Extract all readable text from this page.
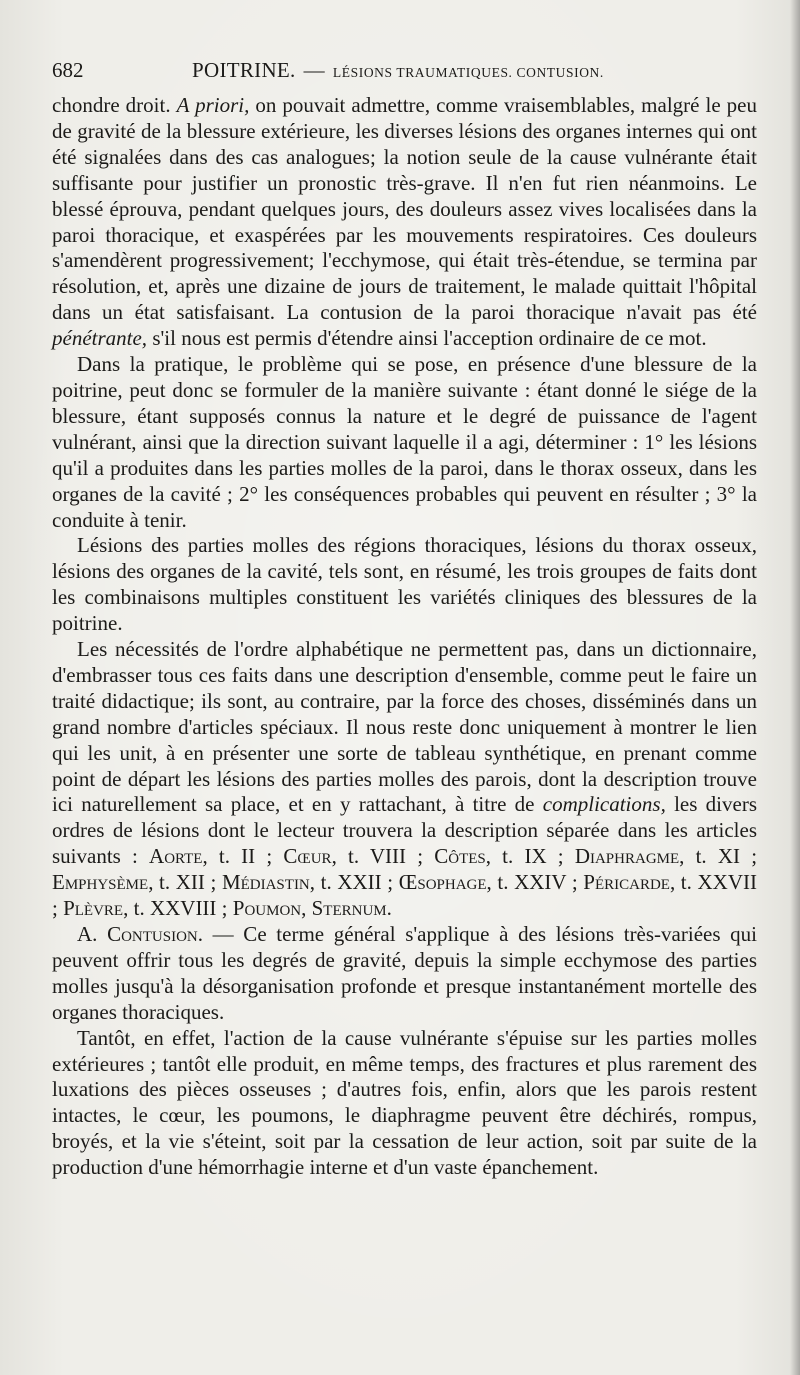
682	POITRINE. — LÉSIONS TRAUMATIQUES. CONTUSION.

chondre droit. A priori, on pouvait admettre, comme vraisemblables, malgré le peu de gravité de la blessure extérieure, les diverses lésions des organes internes qui ont été signalées dans des cas analogues; la notion seule de la cause vulnérante était suffisante pour justifier un pronostic très-grave. Il n'en fut rien néanmoins. Le blessé éprouva, pendant quelques jours, des douleurs assez vives localisées dans la paroi thoracique, et exaspérées par les mouvements respiratoires. Ces douleurs s'amendèrent progressivement; l'ecchymose, qui était très-étendue, se termina par résolution, et, après une dizaine de jours de traitement, le malade quittait l'hôpital dans un état satisfaisant. La contusion de la paroi thoracique n'avait pas été pénétrante, s'il nous est permis d'étendre ainsi l'acception ordinaire de ce mot.

Dans la pratique, le problème qui se pose, en présence d'une blessure de la poitrine, peut donc se formuler de la manière suivante : étant donné le siége de la blessure, étant supposés connus la nature et le degré de puissance de l'agent vulnérant, ainsi que la direction suivant laquelle il a agi, déterminer : 1° les lésions qu'il a produites dans les parties molles de la paroi, dans le thorax osseux, dans les organes de la cavité ; 2° les conséquences probables qui peuvent en résulter ; 3° la conduite à tenir.

Lésions des parties molles des régions thoraciques, lésions du thorax osseux, lésions des organes de la cavité, tels sont, en résumé, les trois groupes de faits dont les combinaisons multiples constituent les variétés cliniques des blessures de la poitrine.

Les nécessités de l'ordre alphabétique ne permettent pas, dans un dictionnaire, d'embrasser tous ces faits dans une description d'ensemble, comme peut le faire un traité didactique; ils sont, au contraire, par la force des choses, disséminés dans un grand nombre d'articles spéciaux. Il nous reste donc uniquement à montrer le lien qui les unit, à en présenter une sorte de tableau synthétique, en prenant comme point de départ les lésions des parties molles des parois, dont la description trouve ici naturellement sa place, et en y rattachant, à titre de complications, les divers ordres de lésions dont le lecteur trouvera la description séparée dans les articles suivants : Aorte, t. II ; Cœur, t. VIII ; Côtes, t. IX ; Diaphragme, t. XI ; Emphysème, t. XII ; Médiastin, t. XXII ; Œsophage, t. XXIV ; Péricarde, t. XXVII ; Plèvre, t. XXVIII ; Poumon, Sternum.

A. Contusion. — Ce terme général s'applique à des lésions très-variées qui peuvent offrir tous les degrés de gravité, depuis la simple ecchymose des parties molles jusqu'à la désorganisation profonde et presque instantanément mortelle des organes thoraciques.

Tantôt, en effet, l'action de la cause vulnérante s'épuise sur les parties molles extérieures ; tantôt elle produit, en même temps, des fractures et plus rarement des luxations des pièces osseuses ; d'autres fois, enfin, alors que les parois restent intactes, le cœur, les poumons, le diaphragme peuvent être déchirés, rompus, broyés, et la vie s'éteint, soit par la cessation de leur action, soit par suite de la production d'une hémorrhagie interne et d'un vaste épanchement.
